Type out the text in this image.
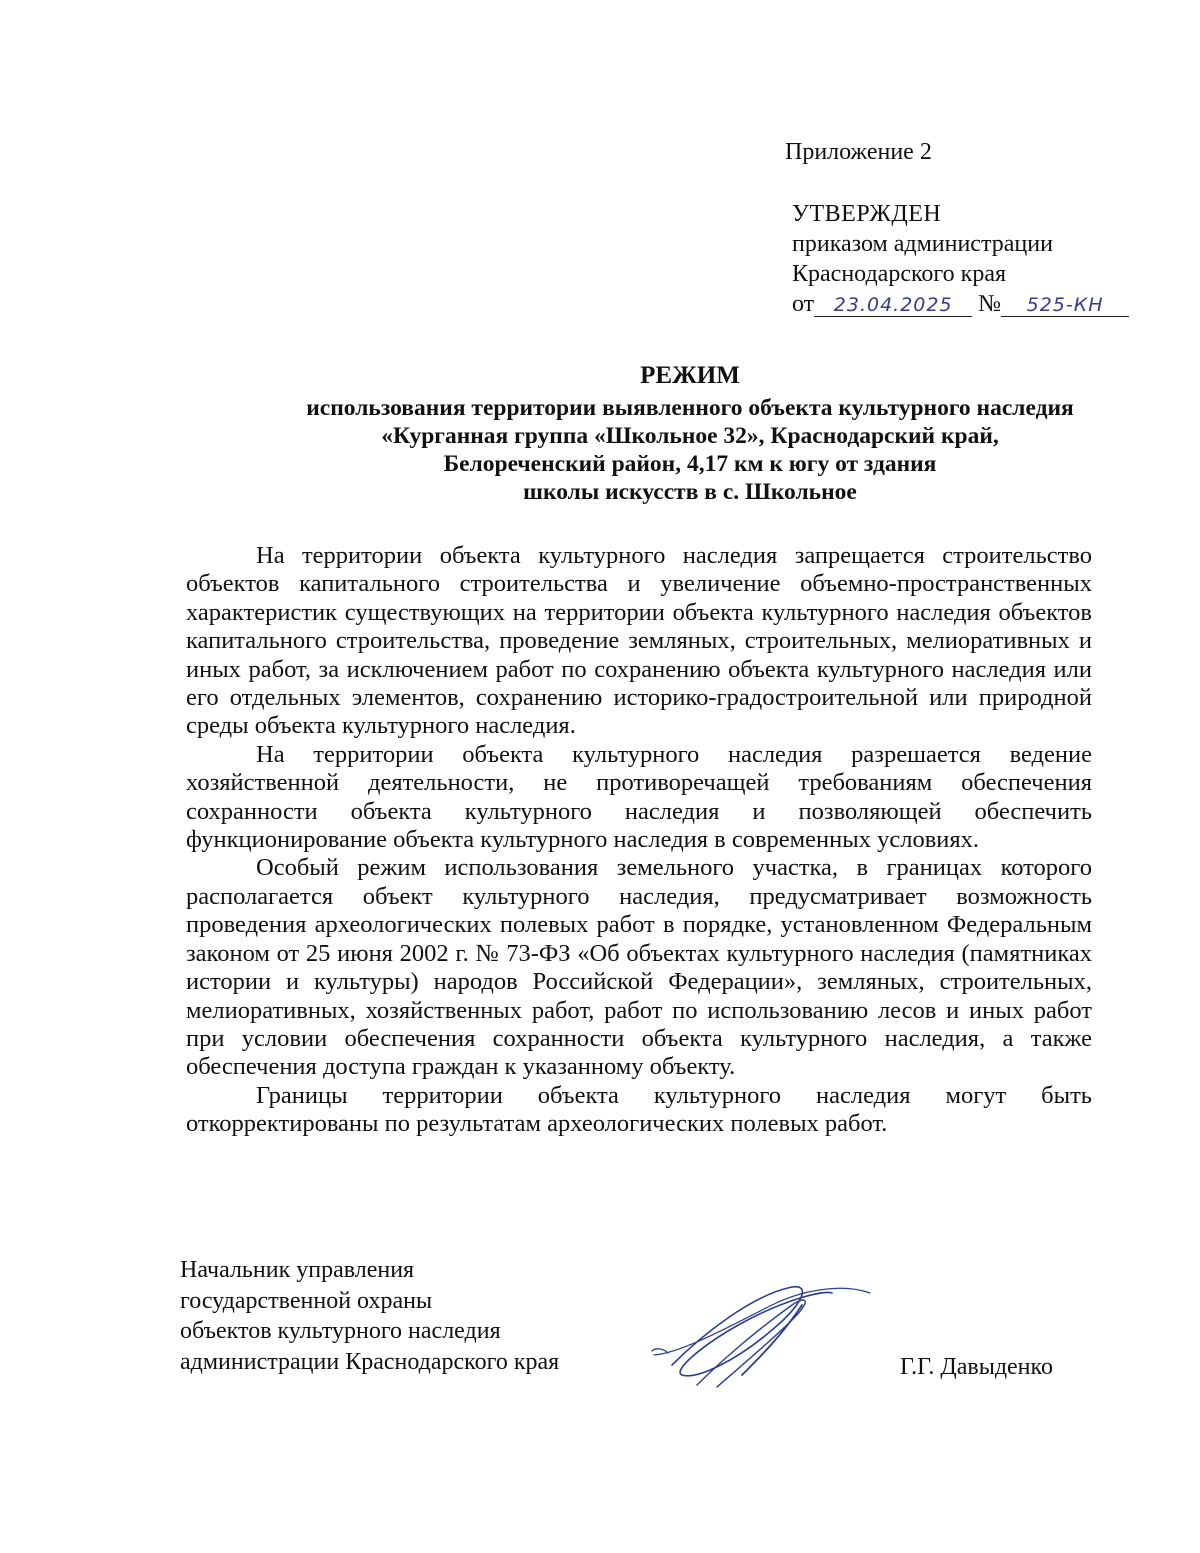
Приложение 2
УТВЕРЖДЕН
приказом администрации
Краснодарского края
от 23.04.2025 № 525-КН
РЕЖИМ
использования территории выявленного объекта культурного наследия
«Курганная группа «Школьное 32», Краснодарский край,
Белореченский район, 4,17 км к югу от здания
школы искусств в с. Школьное

На территории объекта культурного наследия запрещается строительство объектов капитального строительства и увеличение объемно-пространственных характеристик существующих на территории объекта культурного наследия объектов капитального строительства, проведение земляных, строительных, мелиоративных и иных работ, за исключением работ по сохранению объекта культурного наследия или его отдельных элементов, сохранению историко-градостроительной или природной среды объекта культурного наследия.

На территории объекта культурного наследия разрешается ведение хозяйственной деятельности, не противоречащей требованиям обеспечения сохранности объекта культурного наследия и позволяющей обеспечить функционирование объекта культурного наследия в современных условиях.

Особый режим использования земельного участка, в границах которого располагается объект культурного наследия, предусматривает возможность проведения археологических полевых работ в порядке, установленном Федеральным законом от 25 июня 2002 г. № 73-ФЗ «Об объектах культурного наследия (памятниках истории и культуры) народов Российской Федерации», земляных, строительных, мелиоративных, хозяйственных работ, работ по использованию лесов и иных работ при условии обеспечения сохранности объекта культурного наследия, а также обеспечения доступа граждан к указанному объекту.

Границы территории объекта культурного наследия могут быть откорректированы по результатам археологических полевых работ.

Начальник управления
государственной охраны
объектов культурного наследия
администрации Краснодарского края	Г.Г. Давыденко
